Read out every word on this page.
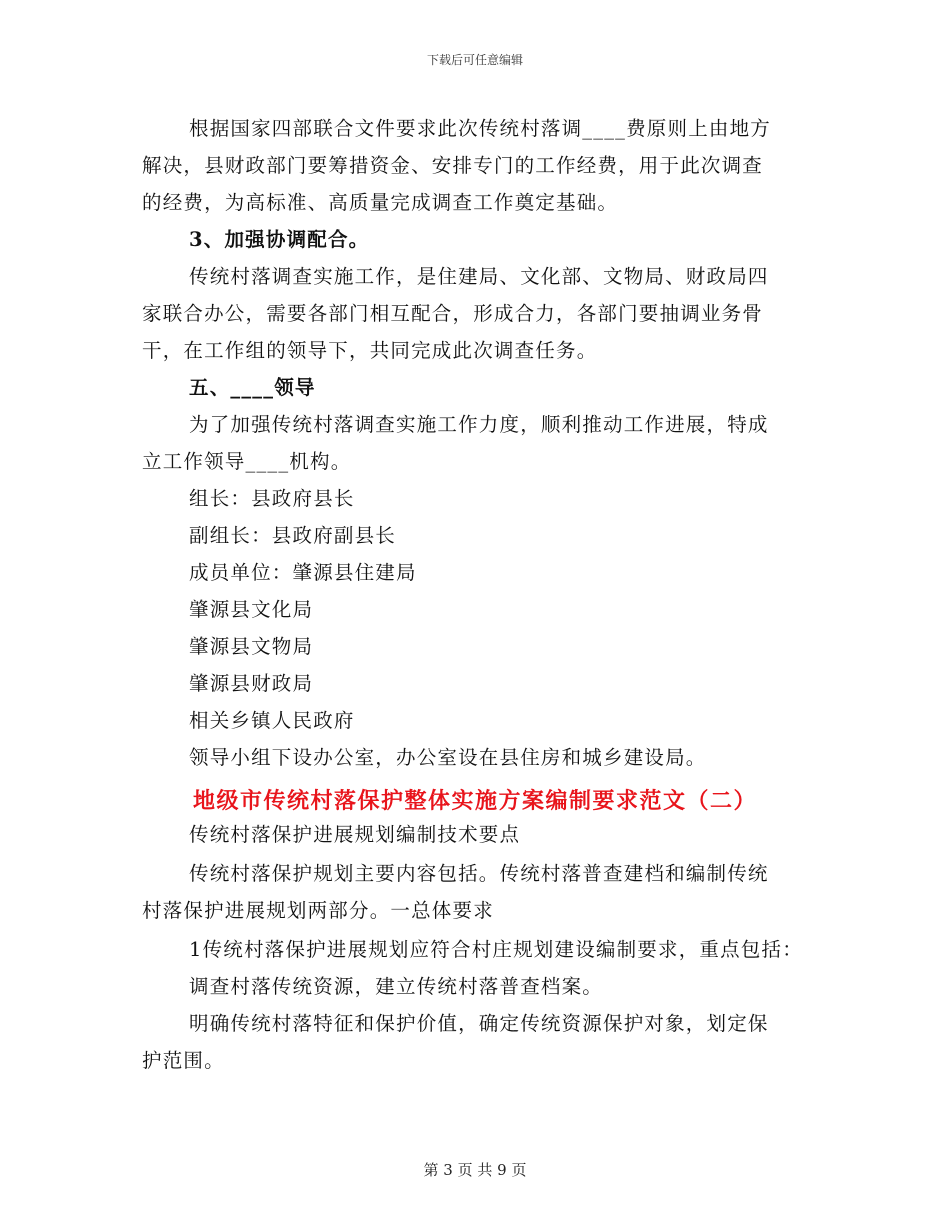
下载后可任意编辑
根据国家四部联合文件要求此次传统村落调____费原则上由地方
解决，县财政部门要筹措资金、安排专门的工作经费，用于此次调查
的经费，为高标准、高质量完成调查工作奠定基础。
3、加强协调配合。
传统村落调查实施工作，是住建局、文化部、文物局、财政局四
家联合办公，需要各部门相互配合，形成合力，各部门要抽调业务骨
干，在工作组的领导下，共同完成此次调查任务。
五、____领导
为了加强传统村落调查实施工作力度，顺利推动工作进展，特成
立工作领导____机构。
组长：县政府县长
副组长：县政府副县长
成员单位：肇源县住建局
肇源县文化局
肇源县文物局
肇源县财政局
相关乡镇人民政府
领导小组下设办公室，办公室设在县住房和城乡建设局。
地级市传统村落保护整体实施方案编制要求范文（二）
传统村落保护进展规划编制技术要点
传统村落保护规划主要内容包括。传统村落普查建档和编制传统
村落保护进展规划两部分。一总体要求
1传统村落保护进展规划应符合村庄规划建设编制要求，重点包括：
调查村落传统资源，建立传统村落普查档案。
明确传统村落特征和保护价值，确定传统资源保护对象，划定保
护范围。
第 3 页 共 9 页
